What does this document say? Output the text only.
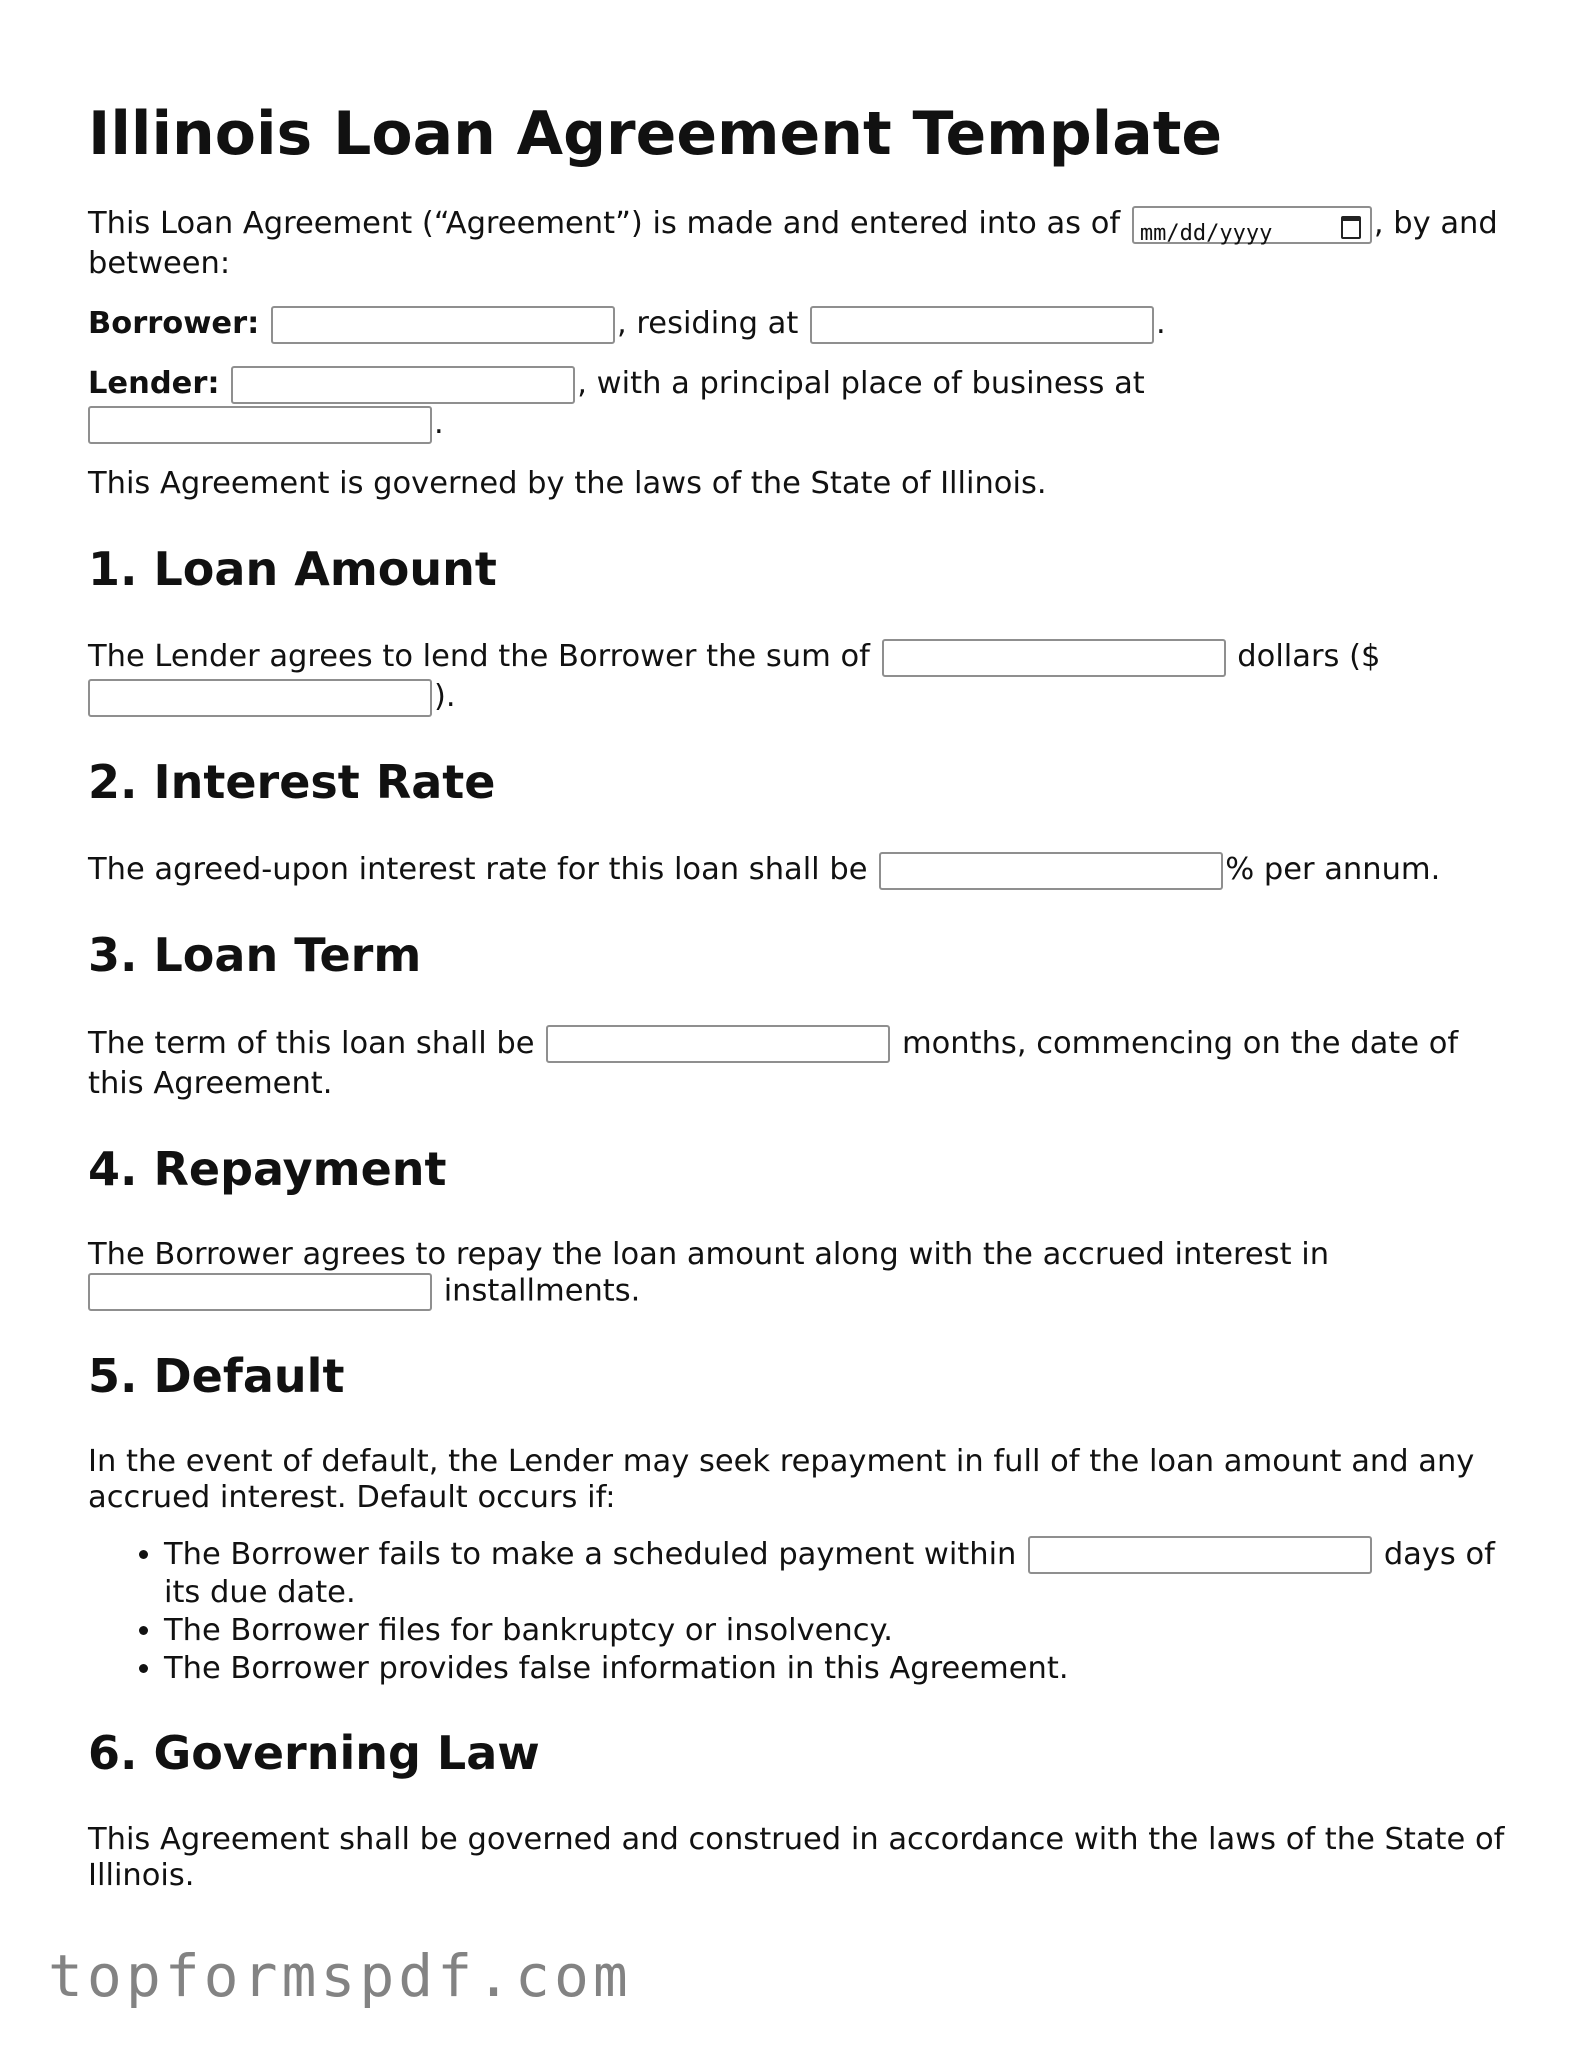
Illinois Loan Agreement Template

This Loan Agreement (“Agreement”) is made and entered into as of mm/dd/yyyy	, by and between:

Borrower:	, residing at	.

Lender:	, with a principal place of business at
.

This Agreement is governed by the laws of the State of Illinois.

1. Loan Amount

The Lender agrees to lend the Borrower the sum of	dollars ($
).

2. Interest Rate

The agreed-upon interest rate for this loan shall be	% per annum.

3. Loan Term

The term of this loan shall be	months, commencing on the date of this Agreement.

4. Repayment

The Borrower agrees to repay the loan amount along with the accrued interest in
installments.

5. Default

In the event of default, the Lender may seek repayment in full of the loan amount and any accrued interest. Default occurs if:

• The Borrower fails to make a scheduled payment within	days of its due date.
• The Borrower files for bankruptcy or insolvency.
• The Borrower provides false information in this Agreement.
6. Governing Law

This Agreement shall be governed and construed in accordance with the laws of the State of Illinois.

topformspdf.com
